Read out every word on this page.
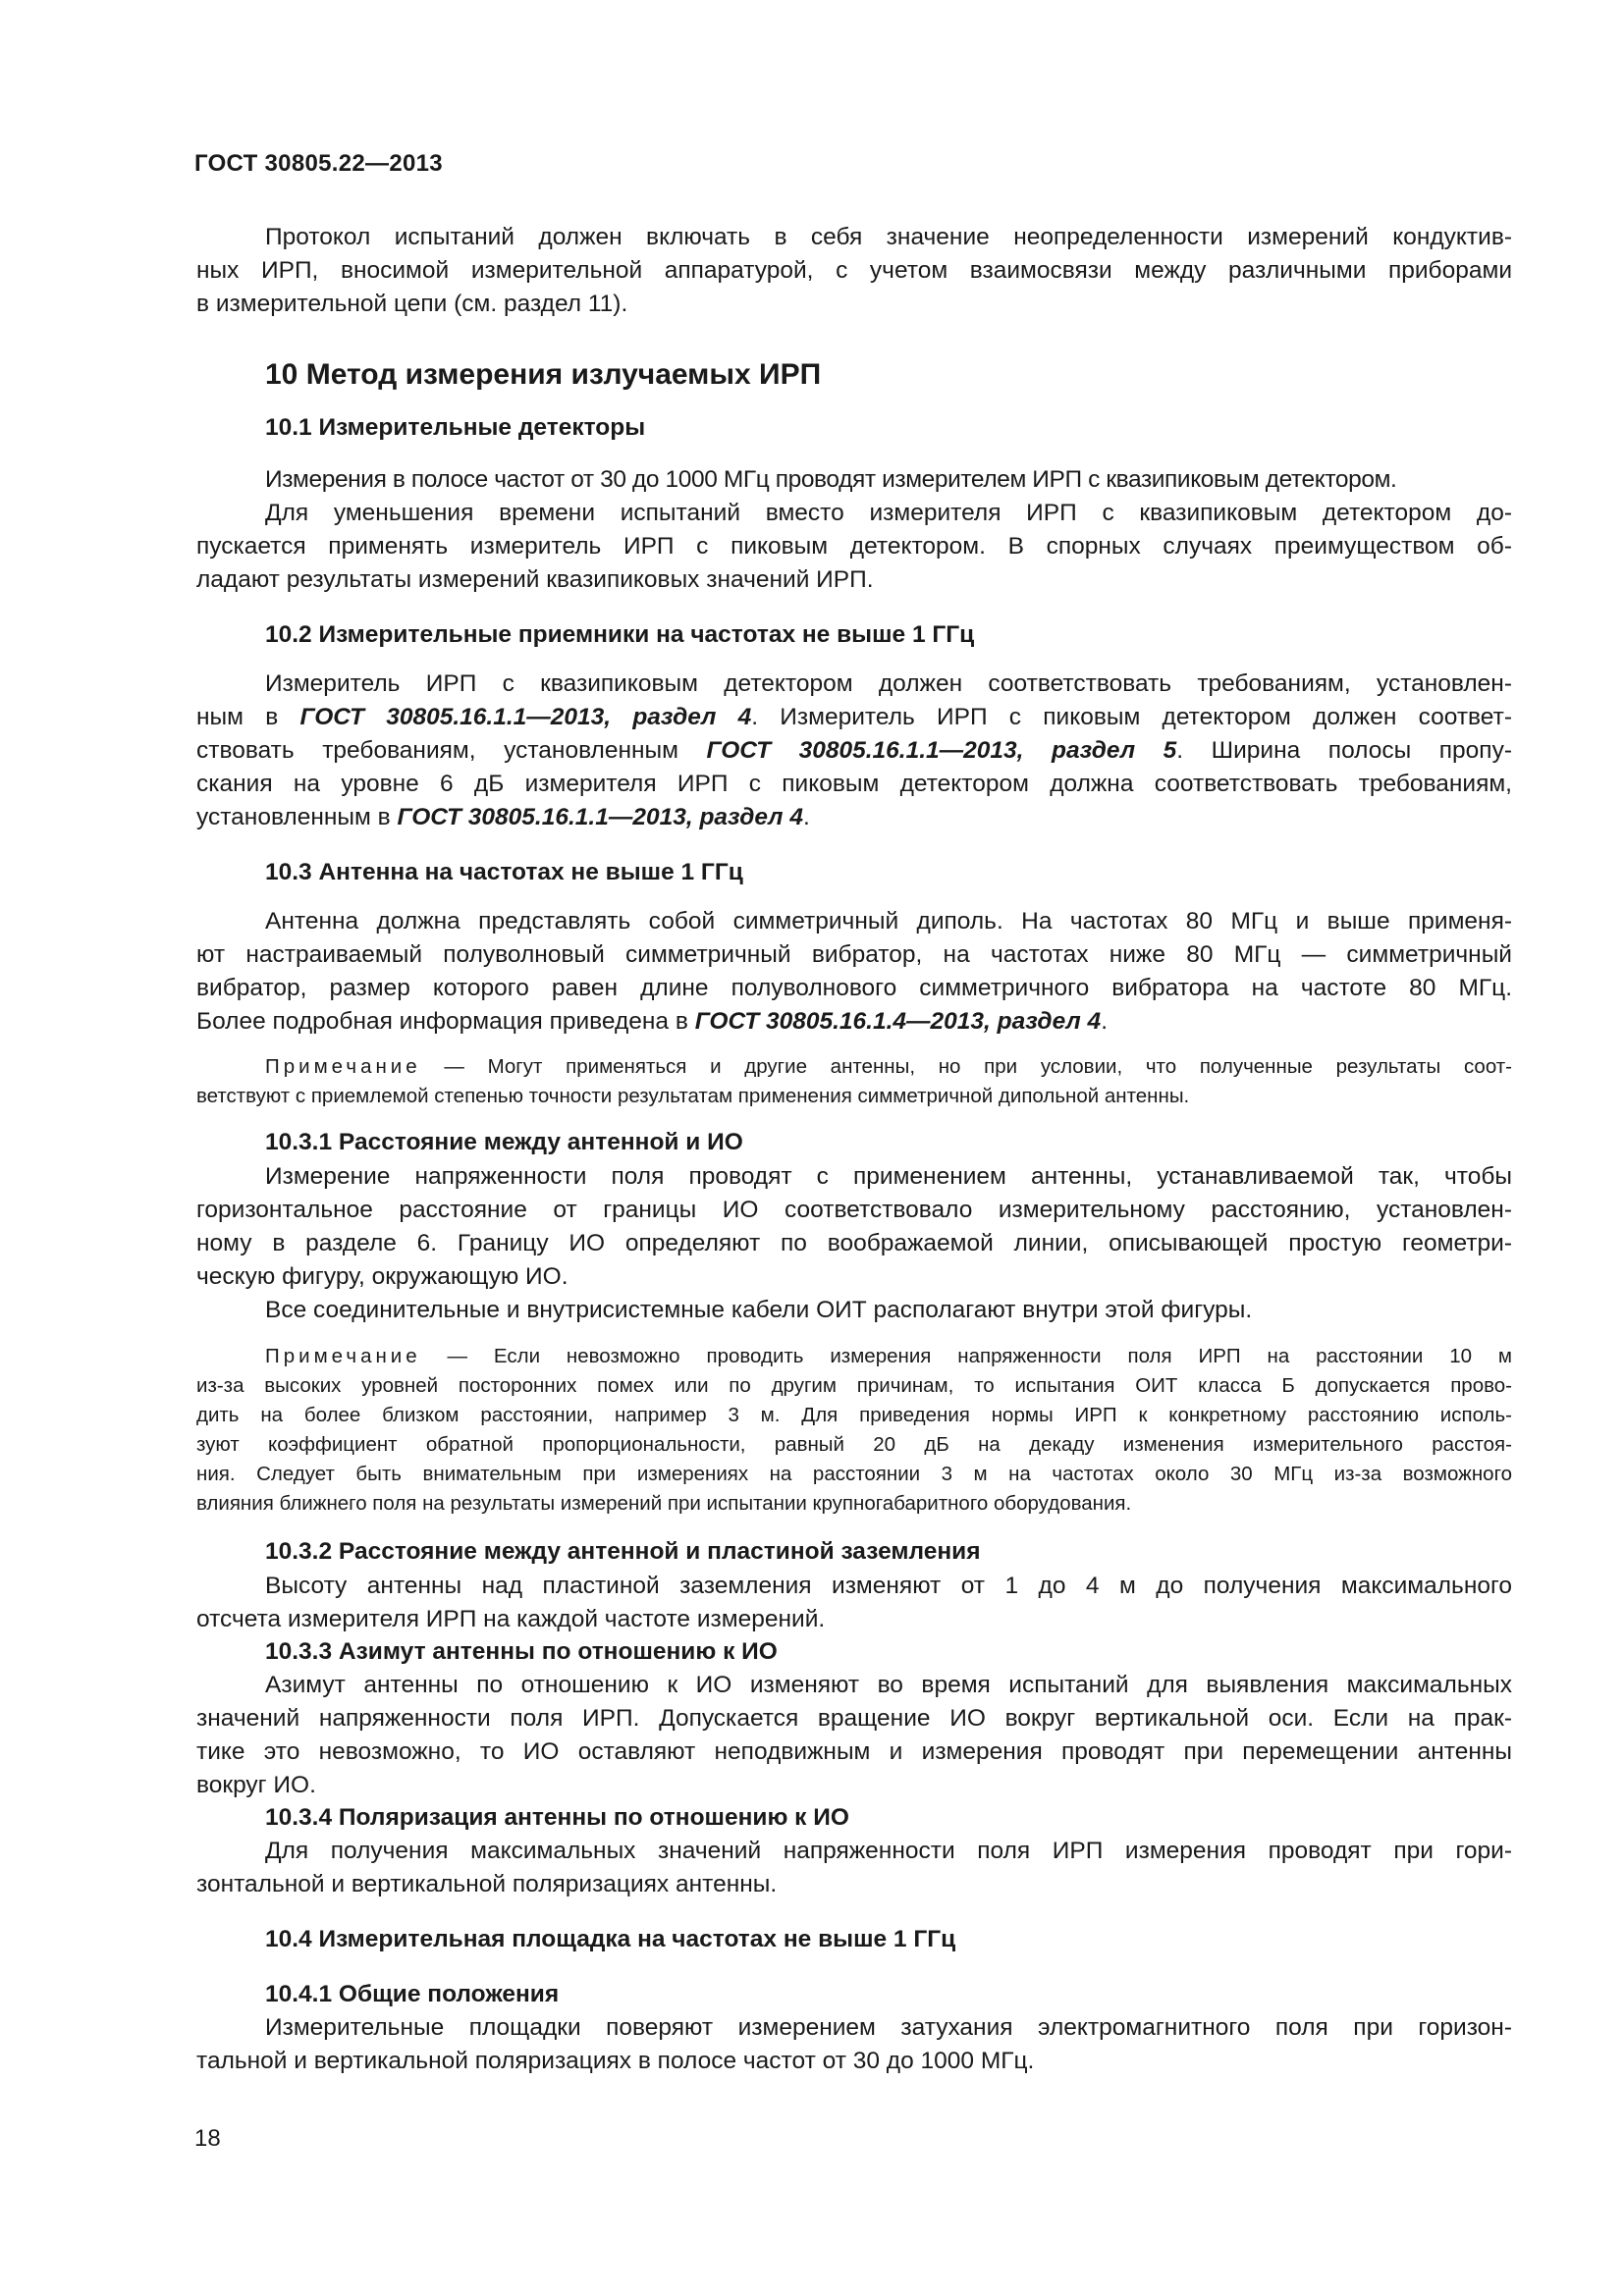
ГОСТ 30805.22—2013
Протокол испытаний должен включать в себя значение неопределенности измерений кондуктив-
ных ИРП, вносимой измерительной аппаратурой, с учетом взаимосвязи между различными приборами
в измерительной цепи (см. раздел 11).
10 Метод измерения излучаемых ИРП
10.1 Измерительные детекторы
Измерения в полосе частот от 30 до 1000 МГц проводят измерителем ИРП с квазипиковым детектором.
Для уменьшения времени испытаний вместо измерителя ИРП с квазипиковым детектором до-
пускается применять измеритель ИРП с пиковым детектором. В спорных случаях преимуществом об-
ладают результаты измерений квазипиковых значений ИРП.
10.2 Измерительные приемники на частотах не выше 1 ГГц
Измеритель ИРП с квазипиковым детектором должен соответствовать требованиям, установлен-
ным в ГОСТ 30805.16.1.1—2013, раздел 4. Измеритель ИРП с пиковым детектором должен соответ-
ствовать требованиям, установленным ГОСТ 30805.16.1.1—2013, раздел 5. Ширина полосы пропу-
скания на уровне 6 дБ измерителя ИРП с пиковым детектором должна соответствовать требованиям,
установленным в ГОСТ 30805.16.1.1—2013, раздел 4.
10.3 Антенна на частотах не выше 1 ГГц
Антенна должна представлять собой симметричный диполь. На частотах 80 МГц и выше применя-
ют настраиваемый полуволновый симметричный вибратор, на частотах ниже 80 МГц — симметричный
вибратор, размер которого равен длине полуволнового симметричного вибратора на частоте 80 МГц.
Более подробная информация приведена в ГОСТ 30805.16.1.4—2013, раздел 4.
Примечание — Могут применяться и другие антенны, но при условии, что полученные результаты соот-
ветствуют с приемлемой степенью точности результатам применения симметричной дипольной антенны.
10.3.1 Расстояние между антенной и ИО
Измерение напряженности поля проводят с применением антенны, устанавливаемой так, чтобы
горизонтальное расстояние от границы ИО соответствовало измерительному расстоянию, установлен-
ному в разделе 6. Границу ИО определяют по воображаемой линии, описывающей простую геометри-
ческую фигуру, окружающую ИО.
Все соединительные и внутрисистемные кабели ОИТ располагают внутри этой фигуры.
Примечание — Если невозможно проводить измерения напряженности поля ИРП на расстоянии 10 м
из-за высоких уровней посторонних помех или по другим причинам, то испытания ОИТ класса Б допускается прово-
дить на более близком расстоянии, например 3 м. Для приведения нормы ИРП к конкретному расстоянию исполь-
зуют коэффициент обратной пропорциональности, равный 20 дБ на декаду изменения измерительного расстоя-
ния. Следует быть внимательным при измерениях на расстоянии 3 м на частотах около 30 МГц из-за возможного
влияния ближнего поля на результаты измерений при испытании крупногабаритного оборудования.
10.3.2 Расстояние между антенной и пластиной заземления
Высоту антенны над пластиной заземления изменяют от 1 до 4 м до получения максимального
отсчета измерителя ИРП на каждой частоте измерений.
10.3.3 Азимут антенны по отношению к ИО
Азимут антенны по отношению к ИО изменяют во время испытаний для выявления максимальных
значений напряженности поля ИРП. Допускается вращение ИО вокруг вертикальной оси. Если на прак-
тике это невозможно, то ИО оставляют неподвижным и измерения проводят при перемещении антенны
вокруг ИО.
10.3.4 Поляризация антенны по отношению к ИО
Для получения максимальных значений напряженности поля ИРП измерения проводят при гори-
зонтальной и вертикальной поляризациях антенны.
10.4 Измерительная площадка на частотах не выше 1 ГГц
10.4.1 Общие положения
Измерительные площадки поверяют измерением затухания электромагнитного поля при горизон-
тальной и вертикальной поляризациях в полосе частот от 30 до 1000 МГц.
18
